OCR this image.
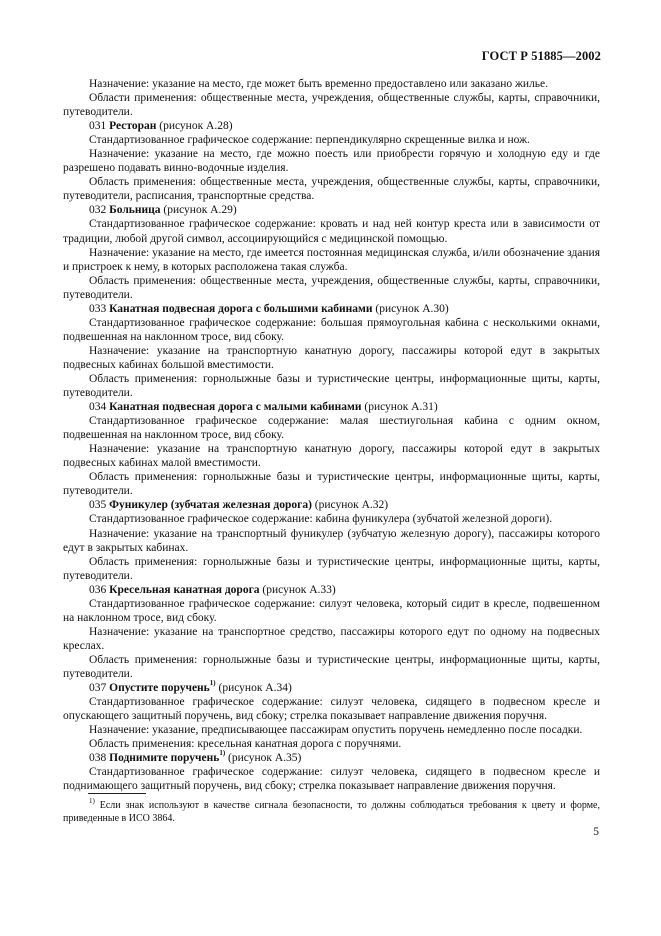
ГОСТ Р 51885—2002

Назначение: указание на место, где может быть временно предоставлено или заказано жилье.

Области применения: общественные места, учреждения, общественные службы, карты, справочники, путеводители.

031 Ресторан (рисунок А.28)

Стандартизованное графическое содержание: перпендикулярно скрещенные вилка и нож.

Назначение: указание на место, где можно поесть или приобрести горячую и холодную еду и где разрешено подавать винно-водочные изделия.

Область применения: общественные места, учреждения, общественные службы, карты, справочники, путеводители, расписания, транспортные средства.

032 Больница (рисунок А.29)

Стандартизованное графическое содержание: кровать и над ней контур креста или в зависимости от традиции, любой другой символ, ассоциирующийся с медицинской помощью.

Назначение: указание на место, где имеется постоянная медицинская служба, и/или обозначение здания и пристроек к нему, в которых расположена такая служба.

Область применения: общественные места, учреждения, общественные службы, карты, справочники, путеводители.

033 Канатная подвесная дорога с большими кабинами (рисунок А.30)

Стандартизованное графическое содержание: большая прямоугольная кабина с несколькими окнами, подвешенная на наклонном тросе, вид сбоку.

Назначение: указание на транспортную канатную дорогу, пассажиры которой едут в закрытых подвесных кабинах большой вместимости.

Область применения: горнолыжные базы и туристические центры, информационные щиты, карты, путеводители.

034 Канатная подвесная дорога с малыми кабинами (рисунок А.31)

Стандартизованное графическое содержание: малая шестиугольная кабина с одним окном, подвешенная на наклонном тросе, вид сбоку.

Назначение: указание на транспортную канатную дорогу, пассажиры которой едут в закрытых подвесных кабинах малой вместимости.

Область применения: горнолыжные базы и туристические центры, информационные щиты, карты, путеводители.

035 Фуникулер (зубчатая железная дорога) (рисунок А.32)

Стандартизованное графическое содержание: кабина фуникулера (зубчатой железной дороги).

Назначение: указание на транспортный фуникулер (зубчатую железную дорогу), пассажиры которого едут в закрытых кабинах.

Область применения: горнолыжные базы и туристические центры, информационные щиты, карты, путеводители.

036 Кресельная канатная дорога (рисунок А.33)

Стандартизованное графическое содержание: силуэт человека, который сидит в кресле, подвешенном на наклонном тросе, вид сбоку.

Назначение: указание на транспортное средство, пассажиры которого едут по одному на подвесных креслах.

Область применения: горнолыжные базы и туристические центры, информационные щиты, карты, путеводители.

037 Опустите поручень$^{1)}$ (рисунок А.34)

Стандартизованное графическое содержание: силуэт человека, сидящего в подвесном кресле и опускающего защитный поручень, вид сбоку; стрелка показывает направление движения поручня.

Назначение: указание, предписывающее пассажирам опустить поручень немедленно после посадки.

Область применения: кресельная канатная дорога с поручнями.

038 Поднимите поручень$^{1)}$ (рисунок А.35)

Стандартизованное графическое содержание: силуэт человека, сидящего в подвесном кресле и поднимающего защитный поручень, вид сбоку; стрелка показывает направление движения поручня.

$^{1)}$ Если знак используют в качестве сигнала безопасности, то должны соблюдаться требования к цвету и форме, приведенные в ИСО 3864.
5
